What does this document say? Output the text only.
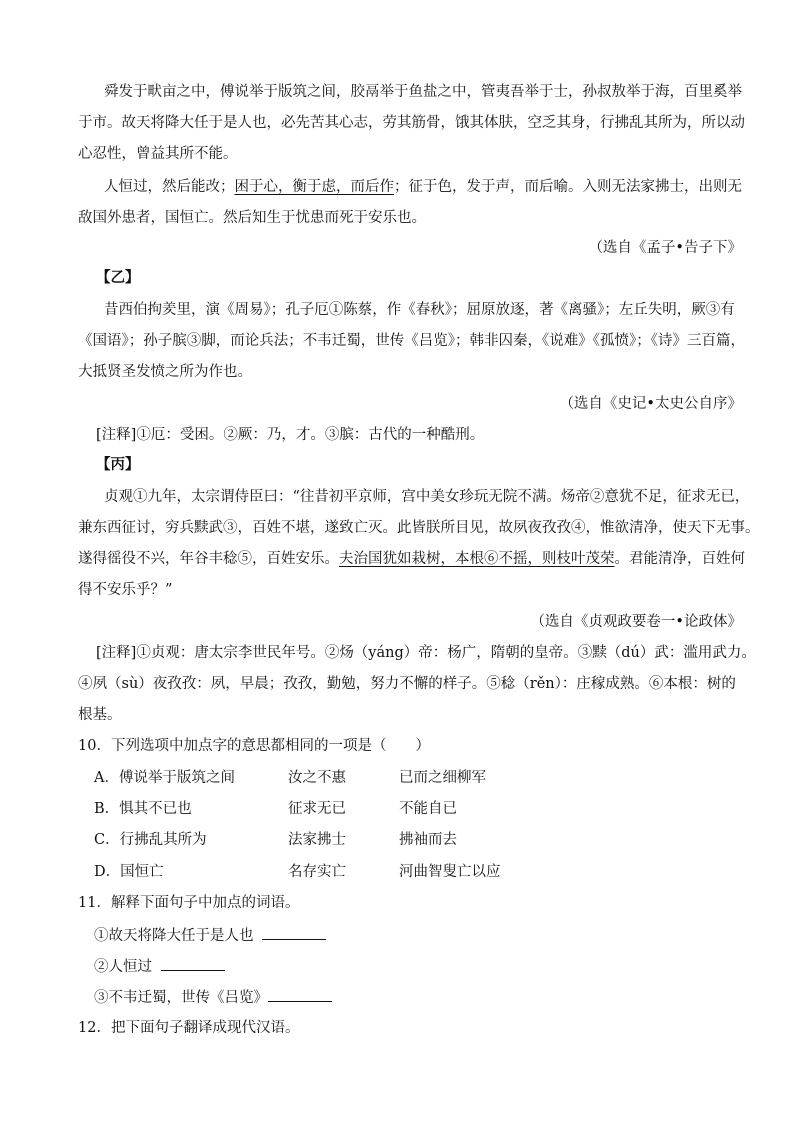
舜发于畎亩之中，傅说举于版筑之间，胶鬲举于鱼盐之中，管夷吾举于士，孙叔敖举于海，百里奚举
于市。故天将降大任于是人也，必先苦其心志，劳其筋骨，饿其体肤，空乏其身，行拂乱其所为，所以动
心忍性，曾益其所不能。
人恒过，然后能改；困于心，衡于虑，而后作；征于色，发于声，而后喻。入则无法家拂士，出则无
敌国外患者，国恒亡。然后知生于忧患而死于安乐也。
（选自《孟子•告子下》
【乙】
昔西伯拘羑里，演《周易》；孔子厄①陈蔡，作《春秋》；屈原放逐，著《离骚》；左丘失明，厥③有
《国语》；孙子膑③脚，而论兵法；不韦迁蜀，世传《吕览》；韩非囚秦，《说难》《孤愤》；《诗》三百篇，
大抵贤圣发愤之所为作也。
（选自《史记•太史公自序》
[注释]①厄：受困。②厥：乃，才。③膑：古代的一种酷刑。
【丙】
贞观①九年，太宗谓侍臣曰：“往昔初平京师，宫中美女珍玩无院不满。炀帝②意犹不足，征求无已，
兼东西征讨，穷兵黩武③，百姓不堪，遂致亡灭。此皆朕所目见，故夙夜孜孜④，惟欲清净，使天下无事。
遂得徭役不兴，年谷丰稔⑤，百姓安乐。夫治国犹如栽树，本根⑥不摇，则枝叶茂荣。君能清净，百姓何
得不安乐乎？”
（选自《贞观政要卷一•论政体》
[注释]①贞观：唐太宗李世民年号。②炀（yáng）帝：杨广，隋朝的皇帝。③黩（dú）武：滥用武力。
④夙（sù）夜孜孜：夙，早晨；孜孜，勤勉，努力不懈的样子。⑤稔（rěn）：庄稼成熟。⑥本根：树的
根基。
10．下列选项中加点字的意思都相同的一项是（　　）
A．傅说举于版筑之间	汝之不惠	已而之细柳军
B．惧其不已也	征求无已	不能自已
C．行拂乱其所为	法家拂士	拂袖而去
D．国恒亡	名存实亡	河曲智叟亡以应
11．解释下面句子中加点的词语。
①故天将降大任于是人也
②人恒过
③不韦迁蜀，世传《吕览》
12．把下面句子翻译成现代汉语。
